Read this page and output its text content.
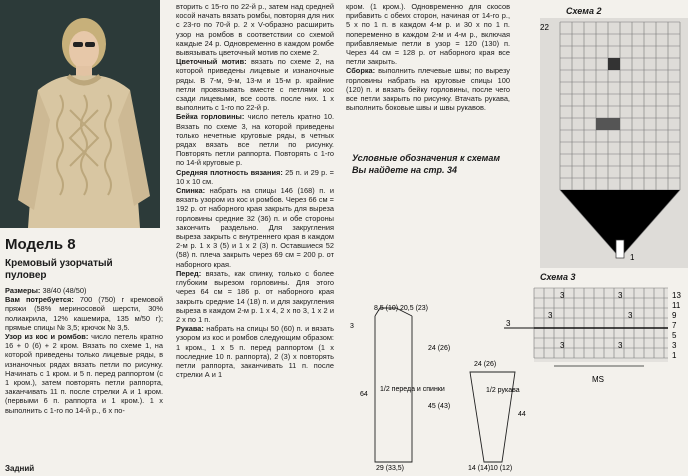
Модель 8
Кремовый узорчатый пуловер

Размеры: 38/40 (48/50)

Вам потребуется: 700 (750) г кремовой пряжи (58% мериносовой шерсти, 30% полиакрила, 12% кашемира, 135 м/50 г); прямые спицы № 3,5; крючок № 3,5.

Узор из кос и ромбов: число петель кратно 16 + 0 (6) + 2 кром. Вязать по схеме 1, на которой приведены только лицевые ряды, в изнаночных рядах вязать петли по рисунку. Начинать с 1 кром. и 5 п. перед раппортом (с 1 кром.), затем повторять петли раппорта, заканчивать 11 п. после стрелки А и 1 кром. (первыми 6 п. раппорта и 1 кром.). 1 х выполнить с 1-го по 14-й р., 6 х по-

Задний

вторить с 15-го по 22-й р., затем над средней косой начать вязать ромбы, повторяя для них с 23-го по 70-й р. 2 х V-образно расширить узор на ромбов в соответствии со схемой каждые 24 р. Одновременно в каждом ромбе вывязывать цветочный мотив по схеме 2.

Цветочный мотив: вязать по схеме 2, на которой приведены лицевые и изнаночные ряды. В 7-м, 9-м, 13-м и 15-м р. крайние петли провязывать вместе с петлями кос сзади лицевыми, все соотв. после них. 1 х выполнить с 1-го по 22-й р.

Бейка горловины: число петель кратно 10. Вязать по схеме 3, на которой приведены только нечетные круговые ряды, в четных рядах вязать все петли по рисунку. Повторять петли раппорта. Повторять с 1-го по 14-й круговые р.

Средняя плотность вязания: 25 п. и 29 р. = 10 х 10 см.

Спинка: набрать на спицы 146 (168) п. и вязать узором из кос и ромбов. Через 66 см = 192 р. от наборного края закрыть для выреза горловины средние 32 (36) п. и обе стороны закончить раздельно. Для закругления выреза закрыть с внутреннего края в каждом 2-м р. 1 х 3 (5) и 1 х 2 (3) п. Оставшиеся 52 (58) п. плеча закрыть через 69 см = 200 р. от наборного края.

Перед: вязать, как спинку, только с более глубоким вырезом горловины. Для этого через 64 см = 186 р. от наборного края закрыть средние 14 (18) п. и для закругления выреза в каждом 2-м р. 1 х 4, 2 х по 3, 1 х 2 и 2 х по 1 п.

Рукава: набрать на спицы 50 (60) п. и вязать узором из кос и ромбов следующим образом: 1 кром., 1 х 5 п. перед раппортом (1 х последние 10 п. раппорта), 2 (3) х повторять петли раппорта, заканчивать 11 п. после стрелки А и 1

кром. (1 кром.). Одновременно для скосов прибавить с обеих сторон, начиная от 14-го р., 5 х по 1 п. в каждом 4-м р. и 30 х по 1 п. попеременно в каждом 2-м и 4-м р., включая прибавляемые петли в узор = 120 (130) п. Через 44 см = 128 р. от наборного края все петли закрыть.

Сборка: выполнить плечевые швы; по вырезу горловины набрать на круговые спицы 100 (120) п. и вязать бейку горловины, после чего все петли закрыть по рисунку. Втачать рукава, выполнить боковые швы и швы рукавов.

Условные обозначения к схемам Вы найдете на стр. 34
8,5 (10) 20,5 (23)
3
64
24 (26)
45 (43)
29 (33,5)
1/2 переда и спинки
24 (26)
1/2 рукава
44
14 (14) 10 (12)
Схема 2
22
1
Схема 3
3
13
11
9
7
5
3
1
3	3
3	3
3	3
MS
